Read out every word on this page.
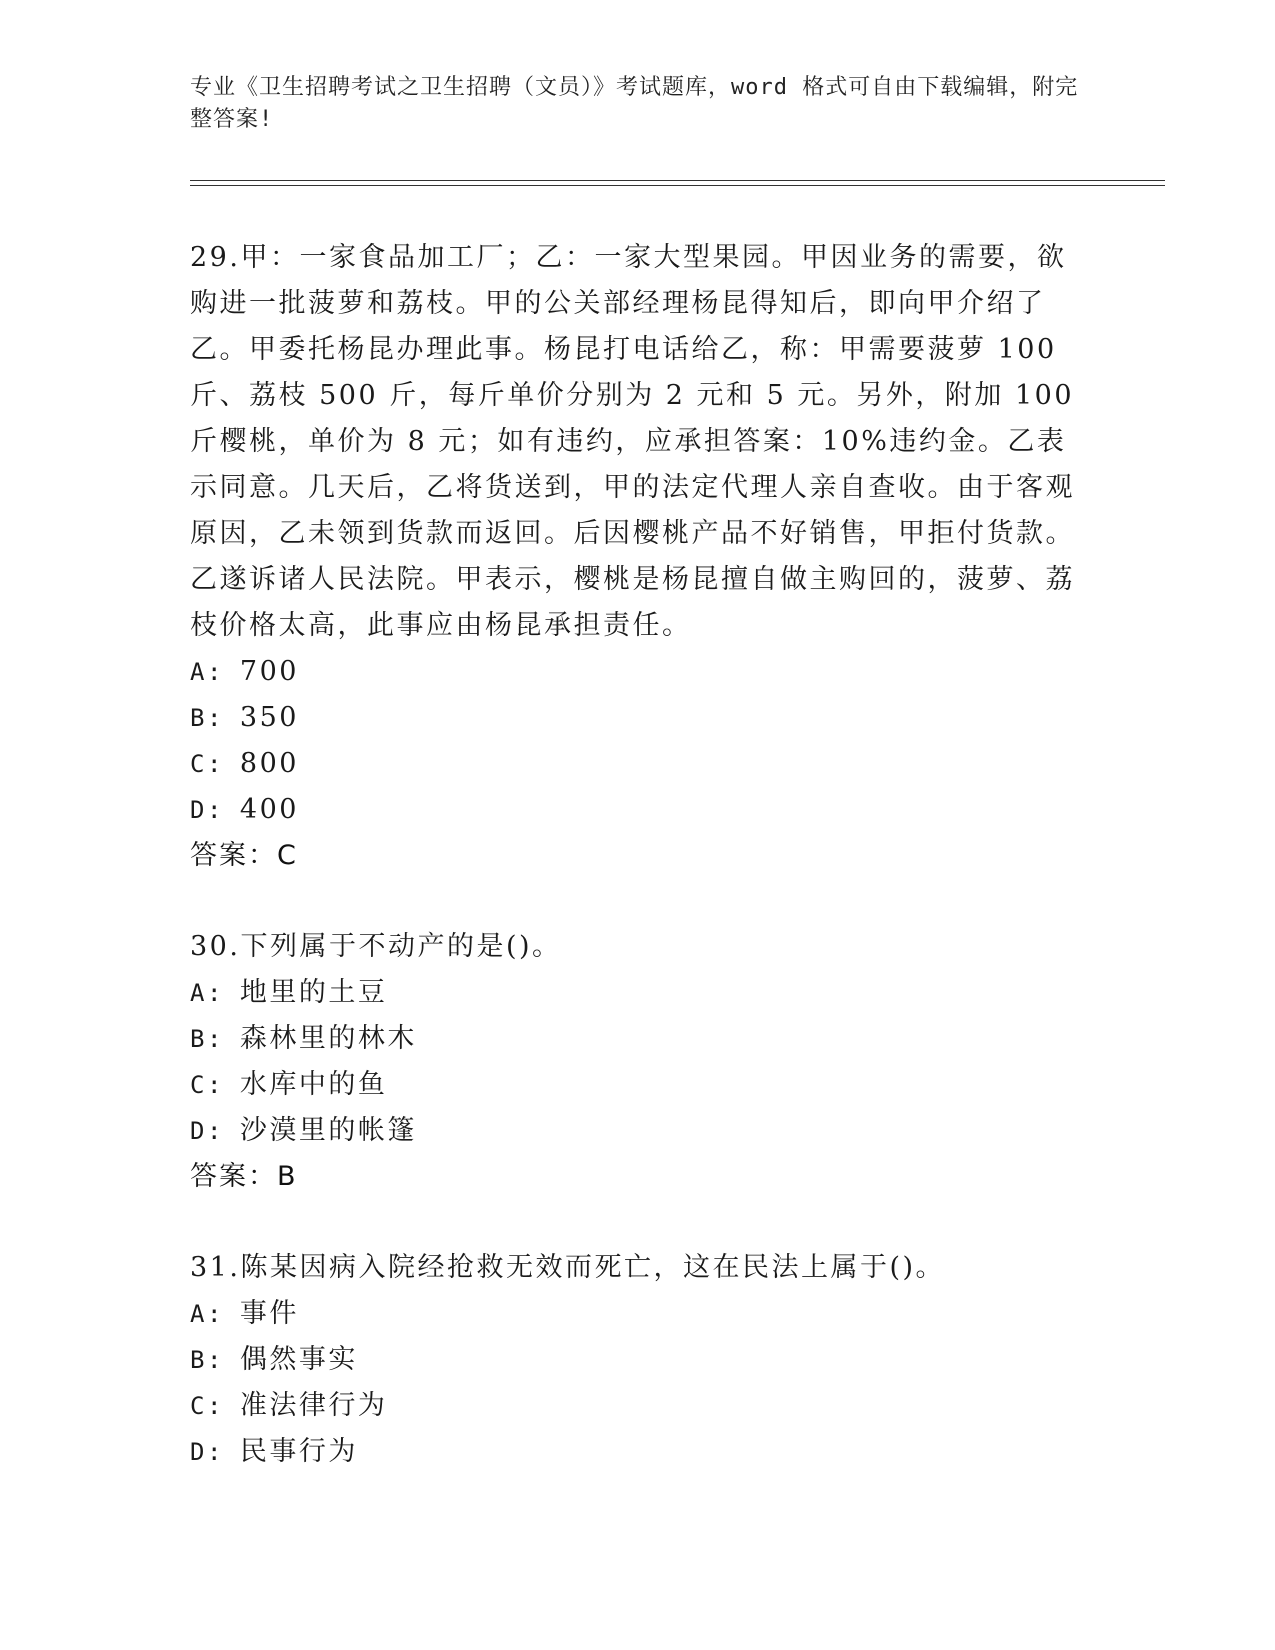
专业《卫生招聘考试之卫生招聘（文员）》考试题库，word 格式可自由下载编辑，附完整答案!

29.甲：一家食品加工厂；乙：一家大型果园。甲因业务的需要，欲购进一批菠萝和荔枝。甲的公关部经理杨昆得知后，即向甲介绍了乙。甲委托杨昆办理此事。杨昆打电话给乙，称：甲需要菠萝 100 斤、荔枝 500 斤，每斤单价分别为 2 元和 5 元。另外，附加 100 斤樱桃，单价为 8 元；如有违约，应承担答案：10%违约金。乙表示同意。几天后，乙将货送到，甲的法定代理人亲自查收。由于客观原因，乙未领到货款而返回。后因樱桃产品不好销售，甲拒付货款。乙遂诉诸人民法院。甲表示，樱桃是杨昆擅自做主购回的，菠萝、荔枝价格太高，此事应由杨昆承担责任。

A: 700

B: 350

C: 800

D: 400

答案：C

30.下列属于不动产的是()。

A: 地里的土豆

B: 森林里的林木

C: 水库中的鱼

D: 沙漠里的帐篷

答案：B

31.陈某因病入院经抢救无效而死亡，这在民法上属于()。

A: 事件

B: 偶然事实

C: 准法律行为

D: 民事行为
